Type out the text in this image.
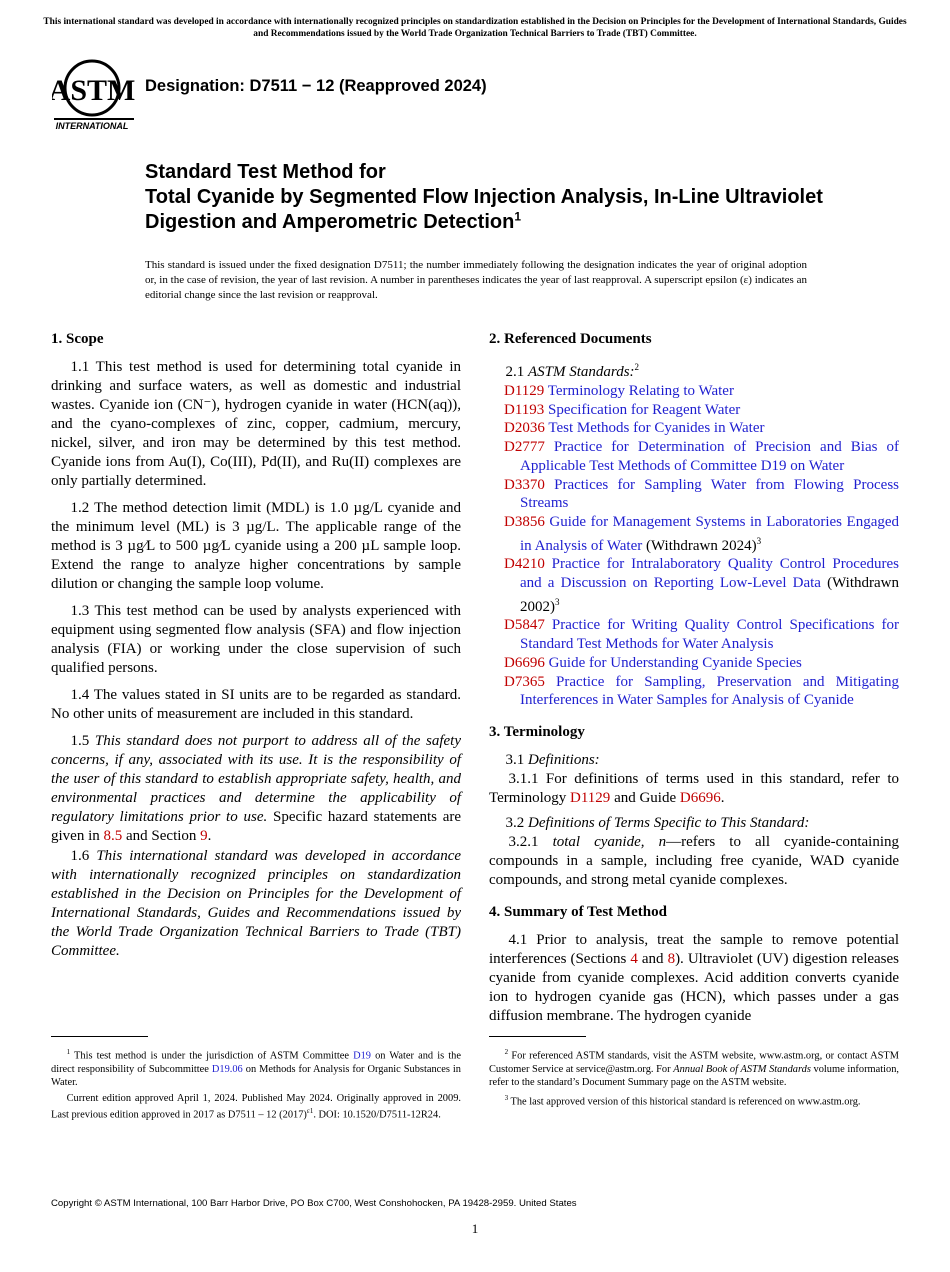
This international standard was developed in accordance with internationally recognized principles on standardization established in the Decision on Principles for the Development of International Standards, Guides and Recommendations issued by the World Trade Organization Technical Barriers to Trade (TBT) Committee.
ASTM
INTERNATIONAL
Designation: D7511 − 12 (Reapproved 2024)
Standard Test Method for
Total Cyanide by Segmented Flow Injection Analysis, In-Line Ultraviolet Digestion and Amperometric Detection$^1$
This standard is issued under the fixed designation D7511; the number immediately following the designation indicates the year of original adoption or, in the case of revision, the year of last revision. A number in parentheses indicates the year of last reapproval. A superscript epsilon (ε) indicates an editorial change since the last revision or reapproval.
1. Scope

1.1 This test method is used for determining total cyanide in drinking and surface waters, as well as domestic and industrial wastes. Cyanide ion (CN⁻), hydrogen cyanide in water (HCN(aq)), and the cyano-complexes of zinc, copper, cadmium, mercury, nickel, silver, and iron may be determined by this test method. Cyanide ions from Au(I), Co(III), Pd(II), and Ru(II) complexes are only partially determined.

1.2 The method detection limit (MDL) is 1.0 µg/L cyanide and the minimum level (ML) is 3 µg/L. The applicable range of the method is 3 µg⁄L to 500 µg⁄L cyanide using a 200 µL sample loop. Extend the range to analyze higher concentrations by sample dilution or changing the sample loop volume.

1.3 This test method can be used by analysts experienced with equipment using segmented flow analysis (SFA) and flow injection analysis (FIA) or working under the close supervision of such qualified persons.

1.4 The values stated in SI units are to be regarded as standard. No other units of measurement are included in this standard.

1.5 This standard does not purport to address all of the safety concerns, if any, associated with its use. It is the responsibility of the user of this standard to establish appropriate safety, health, and environmental practices and determine the applicability of regulatory limitations prior to use. Specific hazard statements are given in 8.5 and Section 9.

1.6 This international standard was developed in accordance with internationally recognized principles on standardization established in the Decision on Principles for the Development of International Standards, Guides and Recommendations issued by the World Trade Organization Technical Barriers to Trade (TBT) Committee.

2. Referenced Documents

2.1 ASTM Standards:$^2$

D1129 Terminology Relating to Water

D1193 Specification for Reagent Water

D2036 Test Methods for Cyanides in Water

D2777 Practice for Determination of Precision and Bias of Applicable Test Methods of Committee D19 on Water

D3370 Practices for Sampling Water from Flowing Process Streams

D3856 Guide for Management Systems in Laboratories Engaged in Analysis of Water (Withdrawn 2024)$^3$

D4210 Practice for Intralaboratory Quality Control Procedures and a Discussion on Reporting Low-Level Data (Withdrawn 2002)$^3$

D5847 Practice for Writing Quality Control Specifications for Standard Test Methods for Water Analysis

D6696 Guide for Understanding Cyanide Species

D7365 Practice for Sampling, Preservation and Mitigating Interferences in Water Samples for Analysis of Cyanide

3. Terminology

3.1 Definitions:

3.1.1 For definitions of terms used in this standard, refer to Terminology D1129 and Guide D6696.

3.2 Definitions of Terms Specific to This Standard:

3.2.1 total cyanide, n—refers to all cyanide-containing compounds in a sample, including free cyanide, WAD cyanide compounds, and strong metal cyanide complexes.

4. Summary of Test Method

4.1 Prior to analysis, treat the sample to remove potential interferences (Sections 4 and 8). Ultraviolet (UV) digestion releases cyanide from cyanide complexes. Acid addition converts cyanide ion to hydrogen cyanide gas (HCN), which passes under a gas diffusion membrane. The hydrogen cyanide

$^1$ This test method is under the jurisdiction of ASTM Committee D19 on Water and is the direct responsibility of Subcommittee D19.06 on Methods for Analysis for Organic Substances in Water.

Current edition approved April 1, 2024. Published May 2024. Originally approved in 2009. Last previous edition approved in 2017 as D7511 – 12 $(2017)^{\varepsilon 1}$. DOI: 10.1520/D7511-12R24.

$^2$ For referenced ASTM standards, visit the ASTM website, www.astm.org, or contact ASTM Customer Service at service@astm.org. For Annual Book of ASTM Standards volume information, refer to the standard’s Document Summary page on the ASTM website.

$^3$ The last approved version of this historical standard is referenced on www.astm.org.

Copyright © ASTM International, 100 Barr Harbor Drive, PO Box C700, West Conshohocken, PA 19428-2959. United States
1
